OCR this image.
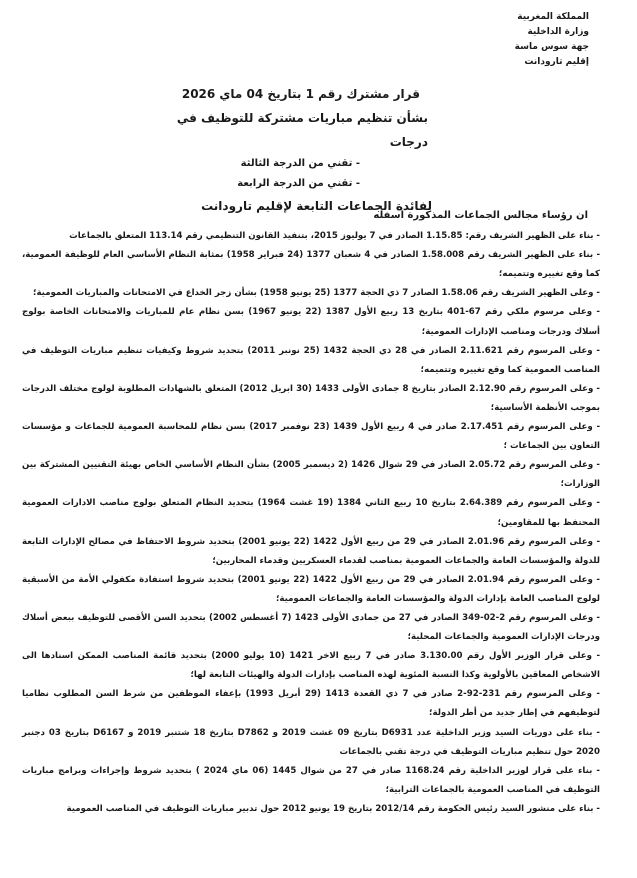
المملكة المغربية
وزارة الداخلية
جهة سوس ماسة
إقليم تارودانت
قرار مشترك رقم 1 بتاريخ 04 ماي 2026
بشأن تنظيم مباريات مشتركة للتوظيف في درجات
- تقني من الدرجة الثالثة
- تقني من الدرجة الرابعة
لفائدة الجماعات التابعة لإقليم تارودانت
ان رؤساء مجالس الجماعات المذكورة اسفله

- بناء على الظهير الشريف رقم: 1.15.85 الصادر في 7 يوليوز 2015، بتنفيذ القانون التنظيمي رقم 113.14 المتعلق بالجماعات

- بناء على الظهير الشريف رقم 1.58.008 الصادر في 4 شعبان 1377 (24 فبراير 1958) بمثابة النظام الأساسي العام للوظيفة العمومية، كما وقع تغييره وتتميمه؛

- وعلى الظهير الشريف رقم 1.58.06 الصادر 7 ذي الحجة 1377 (25 يونيو 1958) بشأن زجر الخداع في الامتحانات والمباريات العمومية؛

- وعلى مرسوم ملكي رقم 67-401 بتاريخ 13 ربيع الأول 1387 (22 يونيو 1967) بسن نظام عام للمباريات والامتحانات الخاصة بولوج أسلاك ودرجات ومناصب الإدارات العمومية؛

- وعلى المرسوم رقم 2.11.621 الصادر في 28 ذي الحجة 1432 (25 نونبر 2011) بتحديد شروط وكيفيات تنظيم مباريات التوظيف في المناصب العمومية كما وقع تغييره وتتميمه؛

- وعلى المرسوم رقم 2.12.90 الصادر بتاريخ 8 جمادى الأولى 1433 (30 ابريل 2012) المتعلق بالشهادات المطلوبة لولوج مختلف الدرجات بموجب الأنظمة الأساسية؛

- وعلى المرسوم رقم 2.17.451 صادر في 4 ربيع الأول 1439 (23 نوفمبر 2017) بسن نظام للمحاسبة العمومية للجماعات و مؤسسات التعاون بين الجماعات ؛

- وعلى المرسوم رقم 2.05.72 الصادر في 29 شوال 1426 (2 ديسمبر 2005) بشأن النظام الأساسي الخاص بهيئة التقنيين المشتركة بين الوزارات؛

- وعلى المرسوم رقم 2.64.389 بتاريخ 10 ربيع الثاني 1384 (19 غشت 1964) بتحديد النظام المتعلق بولوج مناصب الادارات العمومية المحتفظ بها للمقاومين؛

- وعلى المرسوم رقم 2.01.96 الصادر في 29 من ربيع الأول 1422 (22 يونيو 2001) بتحديد شروط الاحتفاظ في مصالح الإدارات التابعة للدولة والمؤسسات العامة والجماعات العمومية بمناصب لقدماء العسكريين وقدماء المحاربين؛

- وعلى المرسوم رقم 2.01.94 الصادر في 29 من ربيع الأول 1422 (22 يونيو 2001) بتحديد شروط استفادة مكفولي الأمة من الأسبقية لولوج المناصب العامة بإدارات الدولة والمؤسسات العامة والجماعات العمومية؛

- وعلى المرسوم رقم 2-02-349 الصادر في 27 من جمادى الأولى 1423 (7 أغسطس 2002) بتحديد السن الأقصى للتوظيف ببعض أسلاك ودرجات الإدارات العمومية والجماعات المحلية؛

- وعلى قرار الوزير الأول رقم 3.130.00 صادر في 7 ربيع الاخر 1421 (10 يوليو 2000) بتحديد قائمة المناصب الممكن اسنادها الى الاشخاص المعاقين بالأولوية وكذا النسبة المئوية لهذه المناصب بإدارات الدولة والهيئات التابعة لها؛

- وعلى المرسوم رقم 231-92-2 صادر في 7 ذي القعدة 1413 (29 أبريل 1993) بإعفاء الموظفين من شرط السن المطلوب نظاميا لتوظيفهم في إطار جديد من أطر الدولة؛

- بناء على دوريات السيد وزير الداخلية عدد D6931 بتاريخ 09 غشت 2019 و D7862 بتاريخ 18 شتنبر 2019 و D6167 بتاريخ 03 دجنبر 2020 حول تنظيم مباريات التوظيف في درجة تقني بالجماعات

- بناء على قرار لوزير الداخلية رقم 1168.24 صادر في 27 من شوال 1445 (06 ماي 2024 ) بتحديد شروط وإجراءات وبرامج مباريات التوظيف في المناصب العمومية بالجماعات الترابية؛

- بناء على منشور السيد رئيس الحكومة رقم 2012/14 بتاريخ 19 يونيو 2012 حول تدبير مباريات التوظيف في المناصب العمومية
